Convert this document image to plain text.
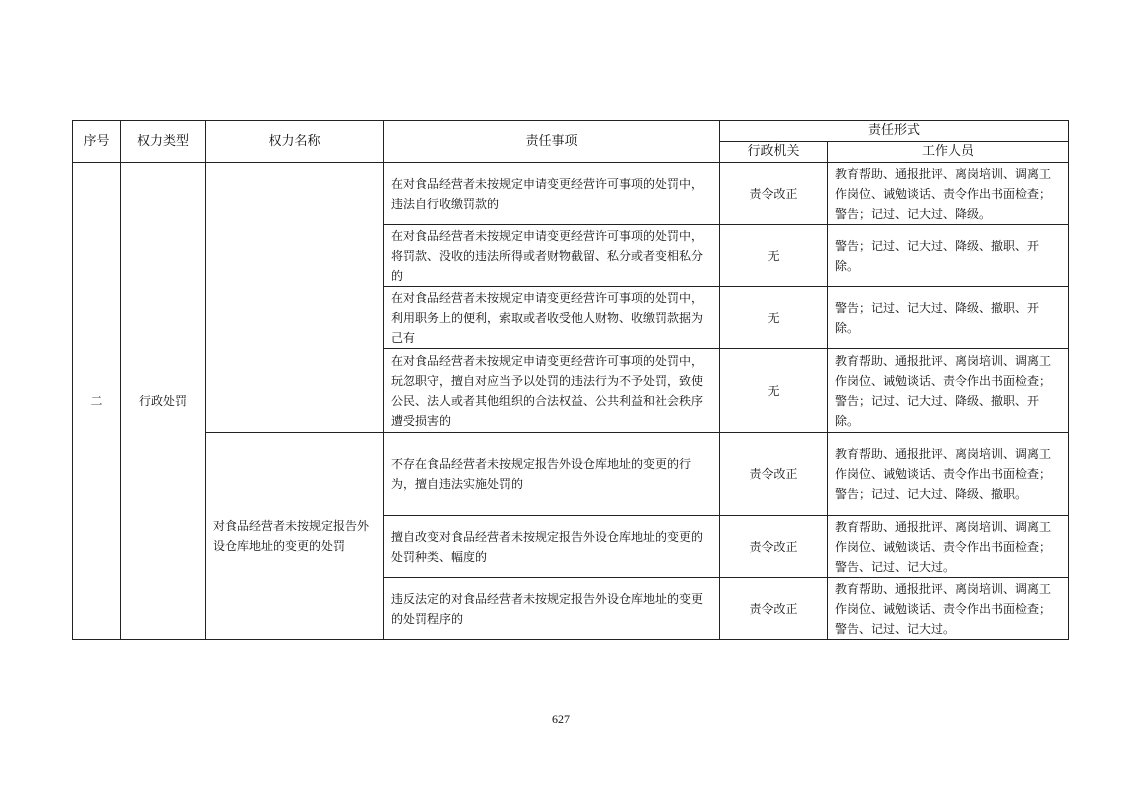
序号	权力类型	权力名称	责任事项	责任形式	
				行政机关	工作人员
二	行政处罚		在对食品经营者未按规定申请变更经营许可事项的处罚中，违法自行收缴罚款的	责令改正	教育帮助、通报批评、离岗培训、调离工作岗位、诫勉谈话、责令作出书面检查；警告；记过、记大过、降级。
			在对食品经营者未按规定申请变更经营许可事项的处罚中，将罚款、没收的违法所得或者财物截留、私分或者变相私分的	无	警告；记过、记大过、降级、撤职、开除。
			在对食品经营者未按规定申请变更经营许可事项的处罚中，利用职务上的便利，索取或者收受他人财物、收缴罚款据为己有	无	警告；记过、记大过、降级、撤职、开除。
			在对食品经营者未按规定申请变更经营许可事项的处罚中，玩忽职守，擅自对应当予以处罚的违法行为不予处罚，致使公民、法人或者其他组织的合法权益、公共利益和社会秩序遭受损害的	无	教育帮助、通报批评、离岗培训、调离工作岗位、诫勉谈话、责令作出书面检查；警告；记过、记大过、降级、撤职、开除。
		对食品经营者未按规定报告外设仓库地址的变更的处罚	不存在食品经营者未按规定报告外设仓库地址的变更的行为，擅自违法实施处罚的	责令改正	教育帮助、通报批评、离岗培训、调离工作岗位、诫勉谈话、责令作出书面检查；警告；记过、记大过、降级、撤职。
			擅自改变对食品经营者未按规定报告外设仓库地址的变更的处罚种类、幅度的	责令改正	教育帮助、通报批评、离岗培训、调离工作岗位、诫勉谈话、责令作出书面检查；警告、记过、记大过。
			违反法定的对食品经营者未按规定报告外设仓库地址的变更的处罚程序的	责令改正	教育帮助、通报批评、离岗培训、调离工作岗位、诫勉谈话、责令作出书面检查；警告、记过、记大过。
627
